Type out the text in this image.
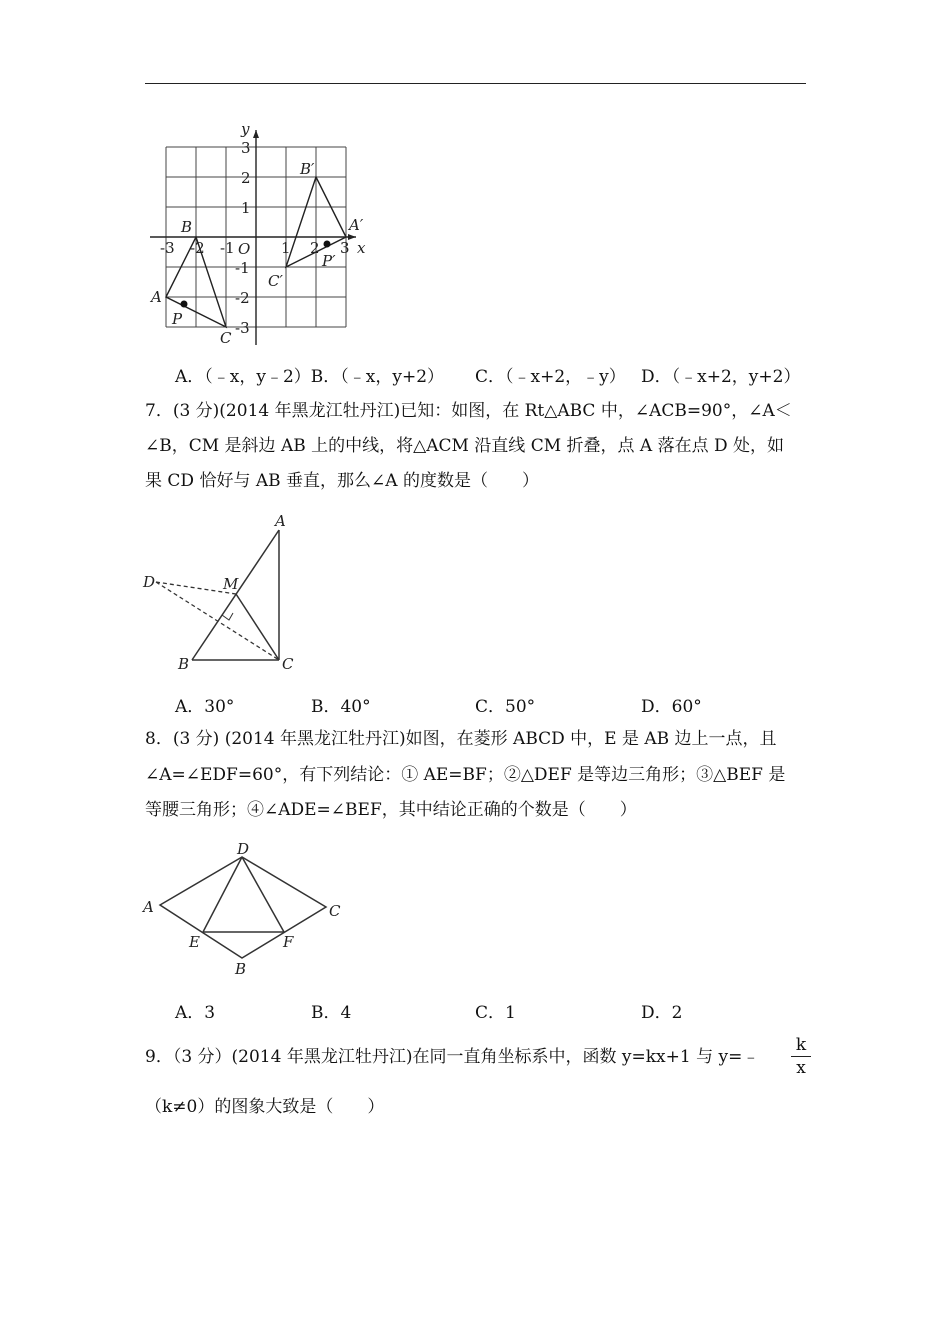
y
x
O
-3 -2 -1	1 2 3
3
2
1
-1
-2
-3
A
B
C
P
A′
B′
C′
P′
A．（﹣x，y﹣2）B．（﹣x，y+2） C．（﹣x+2，﹣y） D．（﹣x+2，y+2）
7．(3 分)(2014 年黑龙江牡丹江)已知：如图，在 Rt△ABC 中，∠ACB=90°，∠A＜
∠B，CM 是斜边 AB 上的中线，将△ACM 沿直线 CM 折叠，点 A 落在点 D 处，如
果 CD 恰好与 AB 垂直，那么∠A 的度数是（　　）
A
D	M
B	C
A．30°	B．40°	C．50°	D．60°
8．(3 分) (2014 年黑龙江牡丹江)如图，在菱形 ABCD 中，E 是 AB 边上一点，且
∠A=∠EDF=60°，有下列结论：① AE=BF；②△DEF 是等边三角形；③△BEF 是
等腰三角形；④∠ADE=∠BEF，其中结论正确的个数是（　　）
D
A	C
E	F
B
A．3	B．4	C．1	D．2
9．（3 分）(2014 年黑龙江牡丹江)在同一直角坐标系中，函数 y=kx+1 与 y=﹣
k
x
（k≠0）的图象大致是（　　）
